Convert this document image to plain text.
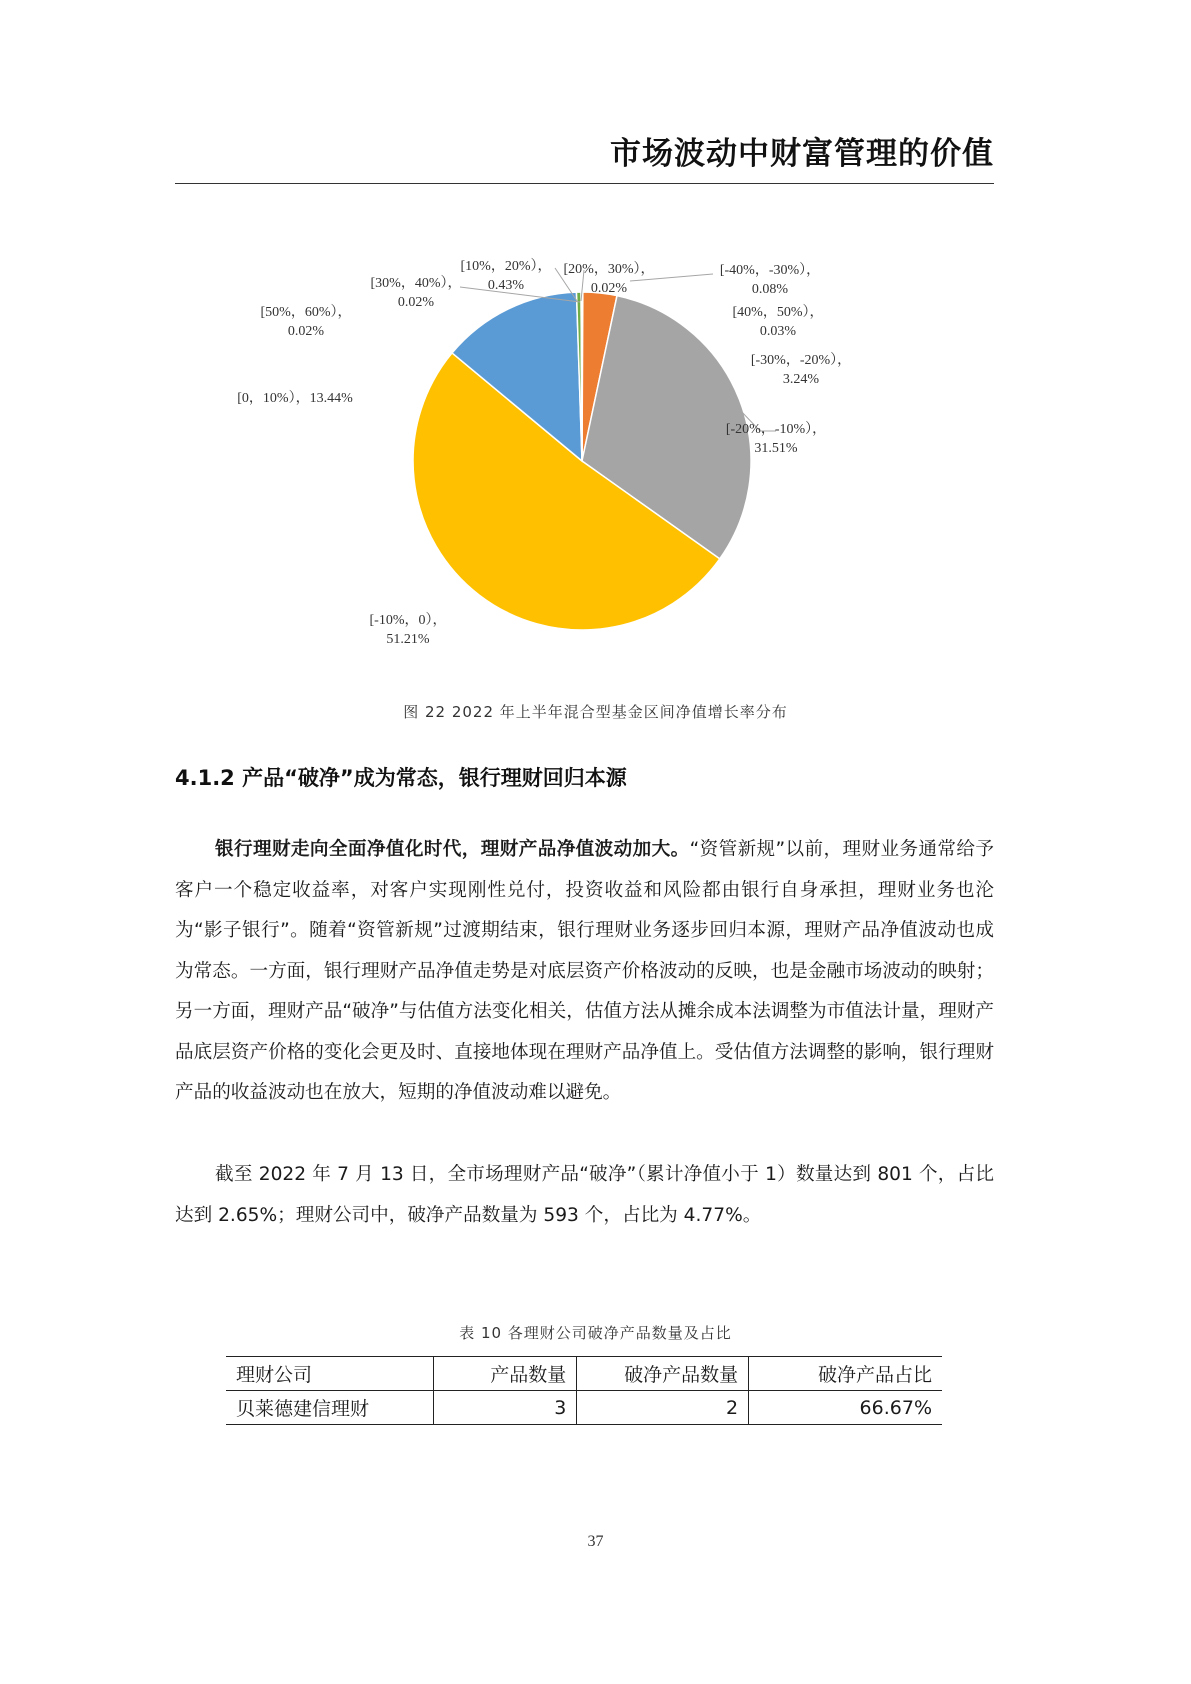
市场波动中财富管理的价值
[-40%，-30%），
0.08%
[-30%，-20%），
3.24%
[-20%，-10%），
31.51%
[-10%，0），
51.21%
[0，10%），13.44%
[10%，20%），
0.43%
[20%，30%），
0.02%
[30%，40%），
0.02%
[40%，50%），
0.03%
[50%，60%），
0.02%
图 22 2022 年上半年混合型基金区间净值增长率分布
4.1.2 产品“破净”成为常态，银行理财回归本源
银行理财走向全面净值化时代，理财产品净值波动加大。“资管新规”以前，理财业务通常给予客户一个稳定收益率，对客户实现刚性兑付，投资收益和风险都由银行自身承担，理财业务也沦为“影子银行”。随着“资管新规”过渡期结束，银行理财业务逐步回归本源，理财产品净值波动也成为常态。一方面，银行理财产品净值走势是对底层资产价格波动的反映，也是金融市场波动的映射；另一方面，理财产品“破净”与估值方法变化相关，估值方法从摊余成本法调整为市值法计量，理财产品底层资产价格的变化会更及时、直接地体现在理财产品净值上。受估值方法调整的影响，银行理财产品的收益波动也在放大，短期的净值波动难以避免。
截至 2022 年 7 月 13 日，全市场理财产品“破净”（累计净值小于 1）数量达到 801 个，占比达到 2.65%；理财公司中，破净产品数量为 593 个，占比为 4.77%。
表 10 各理财公司破净产品数量及占比
理财公司	产品数量	破净产品数量	破净产品占比
贝莱德建信理财	3	2	66.67%
37
